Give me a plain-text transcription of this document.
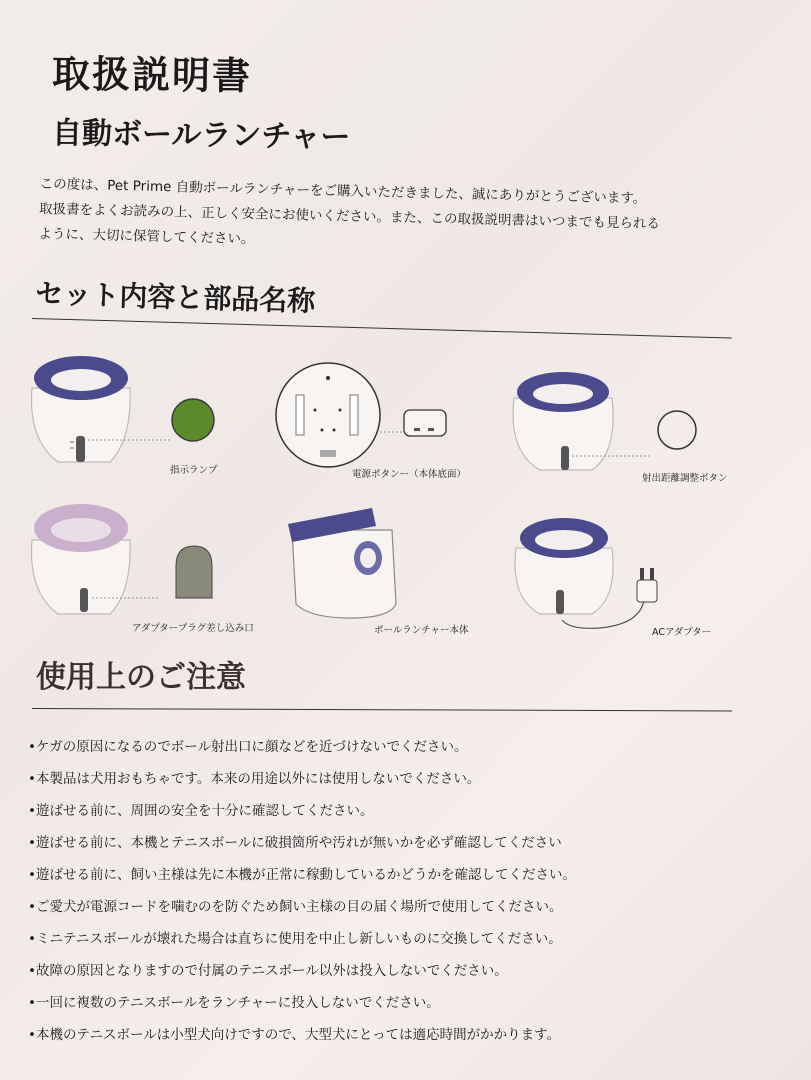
取扱説明書
自動ボールランチャー

この度は、Pet Prime 自動ボールランチャーをご購入いただきました、誠にありがとうございます。

取扱書をよくお読みの上、正しく安全にお使いください。また、この取扱説明書はいつまでも見られる

ように、大切に保管してください。

セット内容と部品名称
指示ランプ	電源ボタンー（本体底面）	射出距離調整ボタン
アダプタープラグ差し込み口	ボールランチャー本体	ACアダプター
使用上のご注意
•ケガの原因になるのでボール射出口に顔などを近づけないでください。
•本製品は犬用おもちゃです。本来の用途以外には使用しないでください。
•遊ばせる前に、周囲の安全を十分に確認してください。
•遊ばせる前に、本機とテニスボールに破損箇所や汚れが無いかを必ず確認してください
•遊ばせる前に、飼い主様は先に本機が正常に稼動しているかどうかを確認してください。
•ご愛犬が電源コードを噛むのを防ぐため飼い主様の目の届く場所で使用してください。
•ミニテニスボールが壊れた場合は直ちに使用を中止し新しいものに交換してください。
•故障の原因となりますので付属のテニスボール以外は投入しないでください。
•一回に複数のテニスボールをランチャーに投入しないでください。
•本機のテニスボールは小型犬向けですので、大型犬にとっては適応時間がかかります。
